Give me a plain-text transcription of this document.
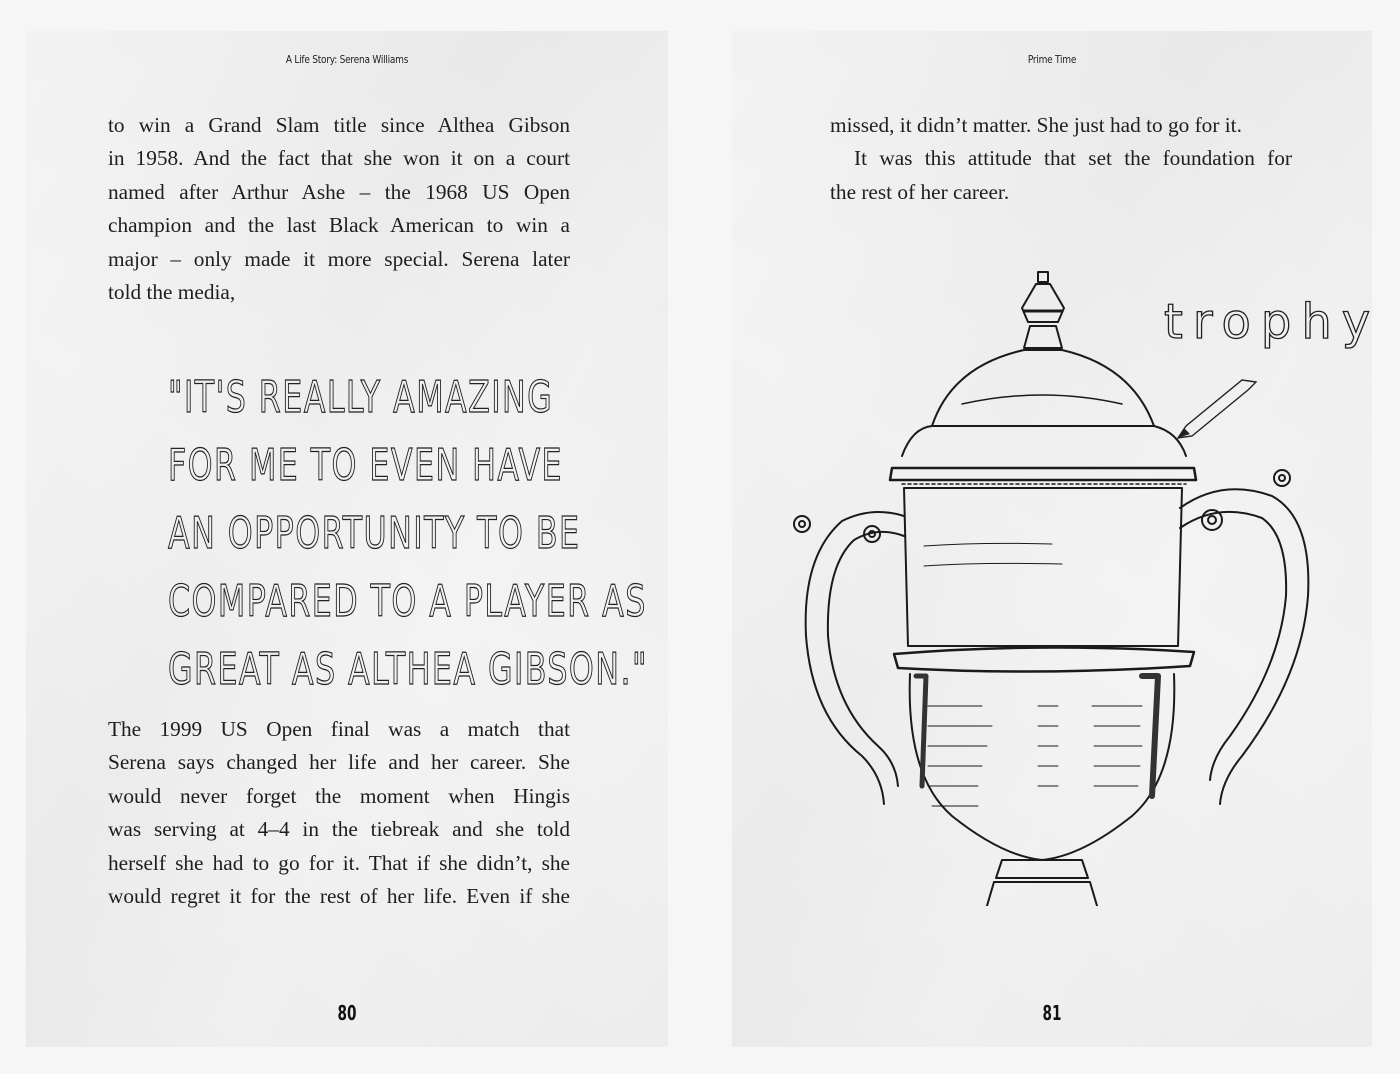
A Life Story: Serena Williams

to win a Grand Slam title since Althea Gibson

in 1958. And the fact that she won it on a court

named after Arthur Ashe – the 1968 US Open

champion and the last Black American to win a

major – only made it more special. Serena later

told the media,

"IT'S REALLY AMAZING
FOR ME TO EVEN HAVE
AN OPPORTUNITY TO BE
COMPARED TO A PLAYER AS
GREAT AS ALTHEA GIBSON."

The 1999 US Open final was a match that

Serena says changed her life and her career. She

would never forget the moment when Hingis

was serving at 4–4 in the tiebreak and she told

herself she had to go for it. That if she didn’t, she

would regret it for the rest of her life. Even if she

80
Prime Time

missed, it didn’t matter. She just had to go for it.

It was this attitude that set the foundation for

the rest of her career.

trophy
81
